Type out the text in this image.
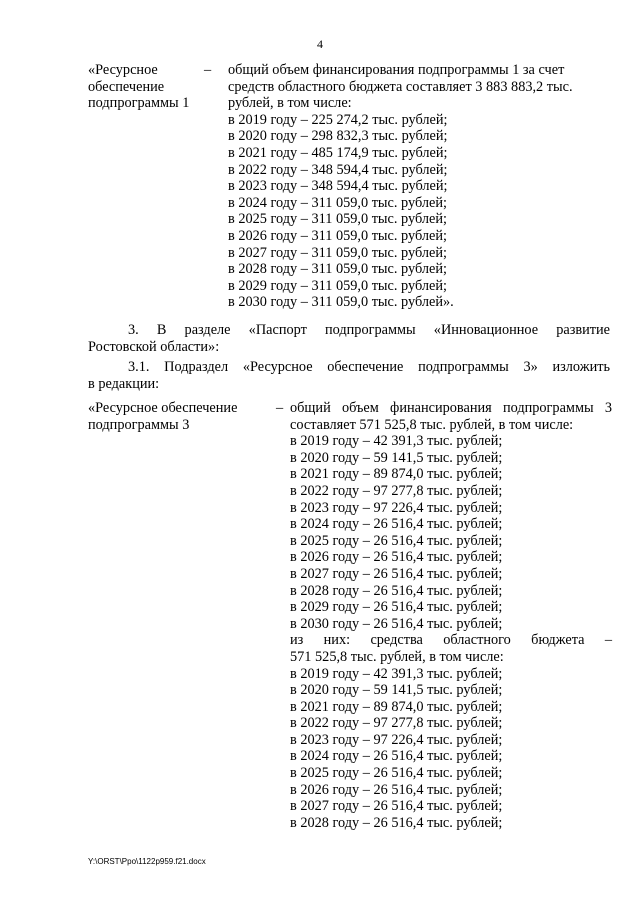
4
«Ресурсное
обеспечение
подпрограммы 1
– общий объем финансирования подпрограммы 1 за счет
средств областного бюджета составляет 3 883 883,2 тыс.
рублей, в том числе:
в 2019 году – 225 274,2 тыс. рублей;
в 2020 году – 298 832,3 тыс. рублей;
в 2021 году – 485 174,9 тыс. рублей;
в 2022 году – 348 594,4 тыс. рублей;
в 2023 году – 348 594,4 тыс. рублей;
в 2024 году – 311 059,0 тыс. рублей;
в 2025 году – 311 059,0 тыс. рублей;
в 2026 году – 311 059,0 тыс. рублей;
в 2027 году – 311 059,0 тыс. рублей;
в 2028 году – 311 059,0 тыс. рублей;
в 2029 году – 311 059,0 тыс. рублей;
в 2030 году – 311 059,0 тыс. рублей».
3. В разделе «Паспорт подпрограммы «Инновационное развитие
Ростовской области»:
3.1. Подраздел «Ресурсное обеспечение подпрограммы 3» изложить
в редакции:
«Ресурсное обеспечение
подпрограммы 3
– общий объем финансирования подпрограммы 3
составляет 571 525,8 тыс. рублей, в том числе:
в 2019 году – 42 391,3 тыс. рублей;
в 2020 году – 59 141,5 тыс. рублей;
в 2021 году – 89 874,0 тыс. рублей;
в 2022 году – 97 277,8 тыс. рублей;
в 2023 году – 97 226,4 тыс. рублей;
в 2024 году – 26 516,4 тыс. рублей;
в 2025 году – 26 516,4 тыс. рублей;
в 2026 году – 26 516,4 тыс. рублей;
в 2027 году – 26 516,4 тыс. рублей;
в 2028 году – 26 516,4 тыс. рублей;
в 2029 году – 26 516,4 тыс. рублей;
в 2030 году – 26 516,4 тыс. рублей;
из них: средства областного бюджета –
571 525,8 тыс. рублей, в том числе:
в 2019 году – 42 391,3 тыс. рублей;
в 2020 году – 59 141,5 тыс. рублей;
в 2021 году – 89 874,0 тыс. рублей;
в 2022 году – 97 277,8 тыс. рублей;
в 2023 году – 97 226,4 тыс. рублей;
в 2024 году – 26 516,4 тыс. рублей;
в 2025 году – 26 516,4 тыс. рублей;
в 2026 году – 26 516,4 тыс. рублей;
в 2027 году – 26 516,4 тыс. рублей;
в 2028 году – 26 516,4 тыс. рублей;
Y:\ORST\Ppo\1122p959.f21.docx
